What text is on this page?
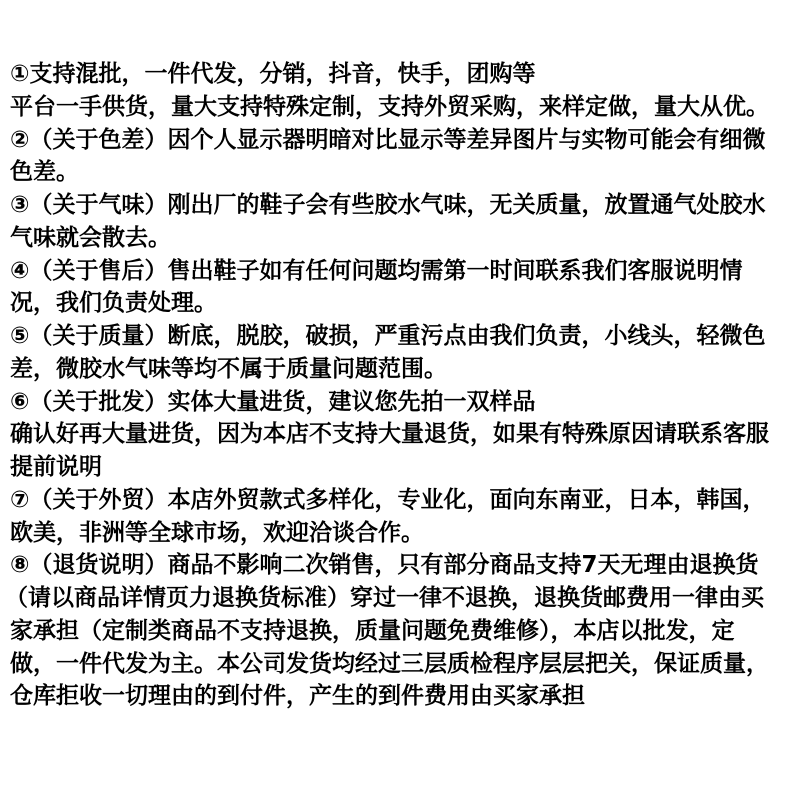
①支持混批，一件代发，分销，抖音，快手，团购等
平台一手供货，量大支持特殊定制，支持外贸采购，来样定做，量大从优。
②（关于色差）因个人显示器明暗对比显示等差异图片与实物可能会有细微
色差。
③（关于气味）刚出厂的鞋子会有些胶水气味，无关质量，放置通气处胶水
气味就会散去。
④（关于售后）售出鞋子如有任何问题均需第一时间联系我们客服说明情
况，我们负责处理。
⑤（关于质量）断底，脱胶，破损，严重污点由我们负责，小线头，轻微色
差，微胶水气味等均不属于质量问题范围。
⑥（关于批发）实体大量进货，建议您先拍一双样品
确认好再大量进货，因为本店不支持大量退货，如果有特殊原因请联系客服
提前说明
⑦（关于外贸）本店外贸款式多样化，专业化，面向东南亚，日本，韩国，
欧美，非洲等全球市场，欢迎洽谈合作。
⑧（退货说明）商品不影响二次销售，只有部分商品支持7天无理由退换货
（请以商品详情页力退换货标准）穿过一律不退换，退换货邮费用一律由买
家承担（定制类商品不支持退换，质量问题免费维修），本店以批发，定
做，一件代发为主。本公司发货均经过三层质检程序层层把关，保证质量，
仓库拒收一切理由的到付件，产生的到件费用由买家承担
